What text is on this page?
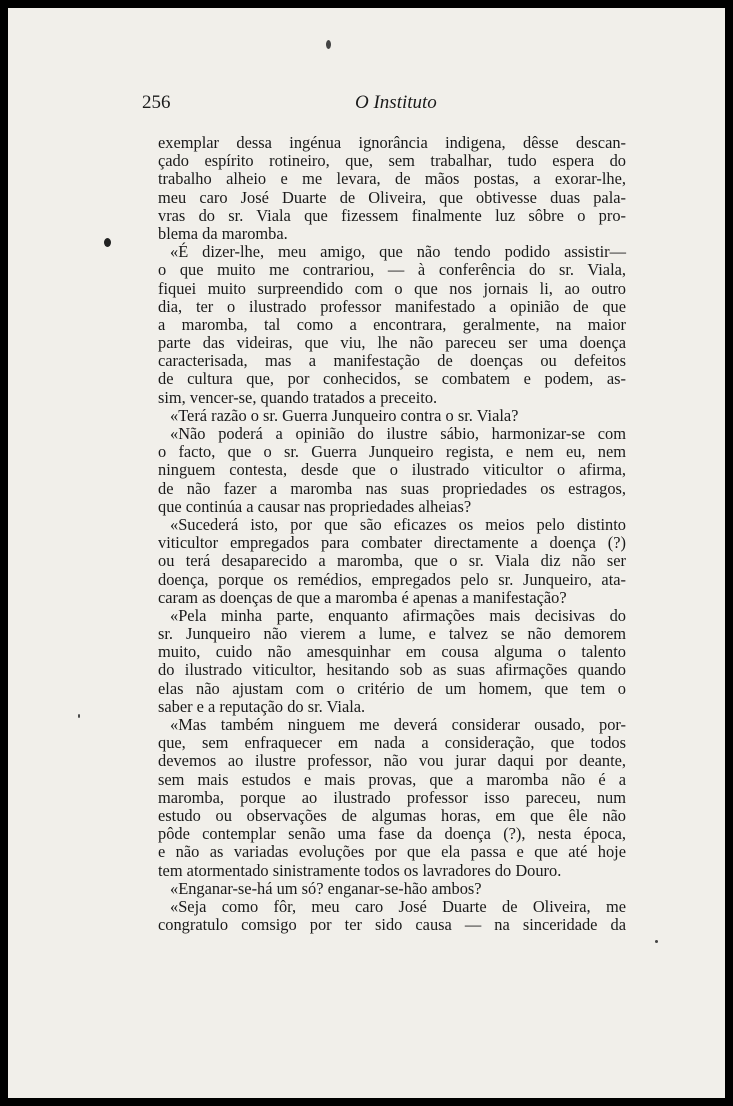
256	O Instituto
exemplar dessa ingénua ignorância indigena, dêsse descan-
çado espírito rotineiro, que, sem trabalhar, tudo espera do
trabalho alheio e me levara, de mãos postas, a exorar-lhe,
meu caro José Duarte de Oliveira, que obtivesse duas pala-
vras do sr. Viala que fizessem finalmente luz sôbre o pro-
blema da maromba.
«É dizer-lhe, meu amigo, que não tendo podido assistir—
o que muito me contrariou, — à conferência do sr. Viala,
fiquei muito surpreendido com o que nos jornais li, ao outro
dia, ter o ilustrado professor manifestado a opinião de que
a maromba, tal como a encontrara, geralmente, na maior
parte das videiras, que viu, lhe não pareceu ser uma doença
caracterisada, mas a manifestação de doenças ou defeitos
de cultura que, por conhecidos, se combatem e podem, as-
sim, vencer-se, quando tratados a preceito.
«Terá razão o sr. Guerra Junqueiro contra o sr. Viala?
«Não poderá a opinião do ilustre sábio, harmonizar-se com
o facto, que o sr. Guerra Junqueiro regista, e nem eu, nem
ninguem contesta, desde que o ilustrado viticultor o afirma,
de não fazer a maromba nas suas propriedades os estragos,
que continúa a causar nas propriedades alheias?
«Sucederá isto, por que são eficazes os meios pelo distinto
viticultor empregados para combater directamente a doença (?)
ou terá desaparecido a maromba, que o sr. Viala diz não ser
doença, porque os remédios, empregados pelo sr. Junqueiro, ata-
caram as doenças de que a maromba é apenas a manifestação?
«Pela minha parte, enquanto afirmações mais decisivas do
sr. Junqueiro não vierem a lume, e talvez se não demorem
muito, cuido não amesquinhar em cousa alguma o talento
do ilustrado viticultor, hesitando sob as suas afirmações quando
elas não ajustam com o critério de um homem, que tem o
saber e a reputação do sr. Viala.
«Mas também ninguem me deverá considerar ousado, por-
que, sem enfraquecer em nada a consideração, que todos
devemos ao ilustre professor, não vou jurar daqui por deante,
sem mais estudos e mais provas, que a maromba não é a
maromba, porque ao ilustrado professor isso pareceu, num
estudo ou observações de algumas horas, em que êle não
pôde contemplar senão uma fase da doença (?), nesta época,
e não as variadas evoluções por que ela passa e que até hoje
tem atormentado sinistramente todos os lavradores do Douro.
«Enganar-se-há um só? enganar-se-hão ambos?
«Seja como fôr, meu caro José Duarte de Oliveira, me
congratulo comsigo por ter sido causa — na sinceridade da
